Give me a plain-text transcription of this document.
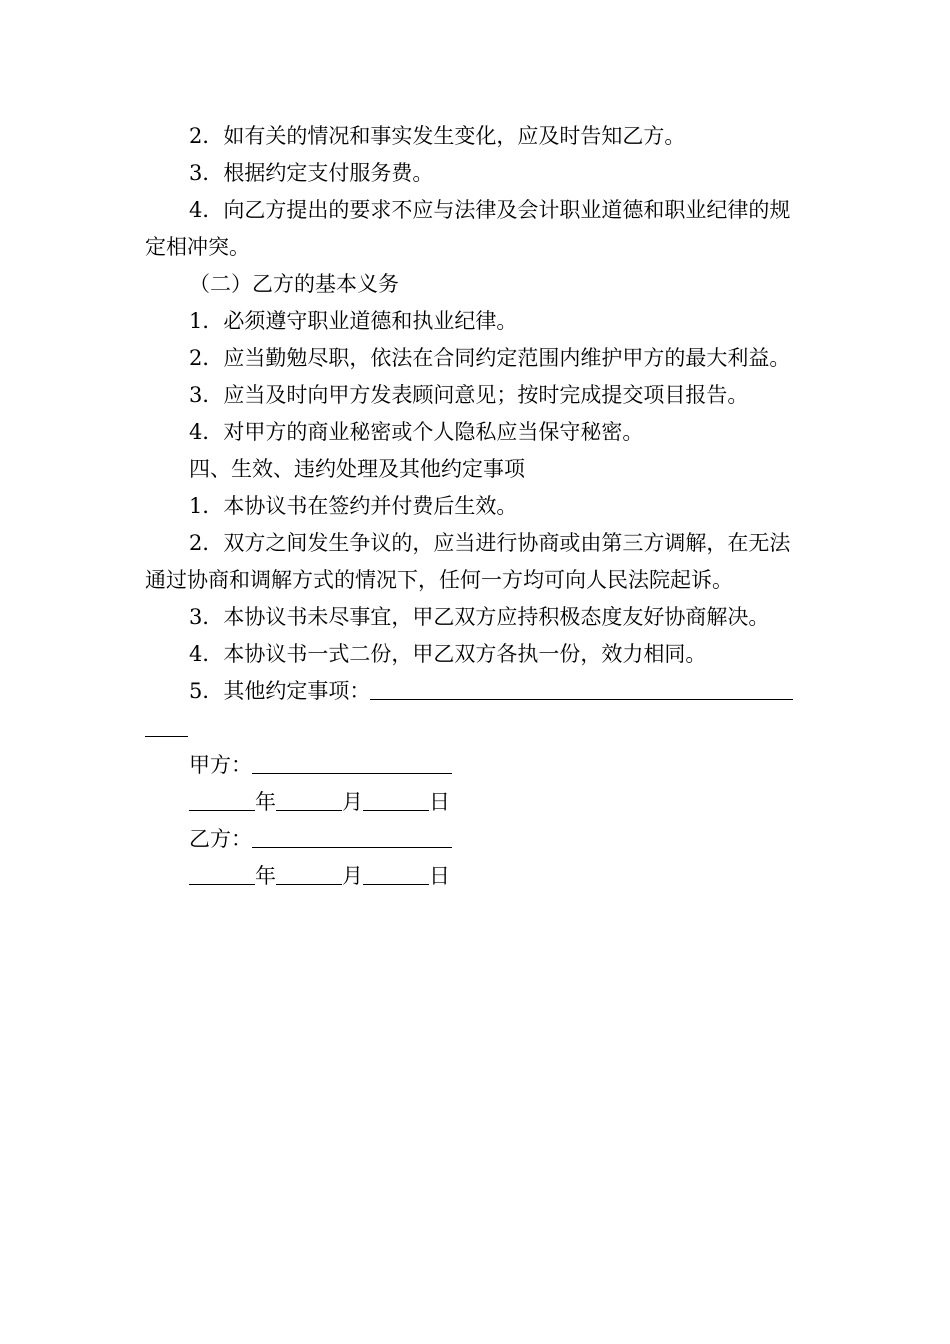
2．如有关的情况和事实发生变化，应及时告知乙方。

3．根据约定支付服务费。

4．向乙方提出的要求不应与法律及会计职业道德和职业纪律的规定相冲突。

（二）乙方的基本义务

1．必须遵守职业道德和执业纪律。

2．应当勤勉尽职，依法在合同约定范围内维护甲方的最大利益。

3．应当及时向甲方发表顾问意见；按时完成提交项目报告。

4．对甲方的商业秘密或个人隐私应当保守秘密。

四、生效、违约处理及其他约定事项

1．本协议书在签约并付费后生效。

2．双方之间发生争议的，应当进行协商或由第三方调解，在无法通过协商和调解方式的情况下，任何一方均可向人民法院起诉。

3．本协议书未尽事宜，甲乙双方应持积极态度友好协商解决。

4．本协议书一式二份，甲乙双方各执一份，效力相同。

5．其他约定事项：

甲方：

年	月	日

乙方：

年	月	日
